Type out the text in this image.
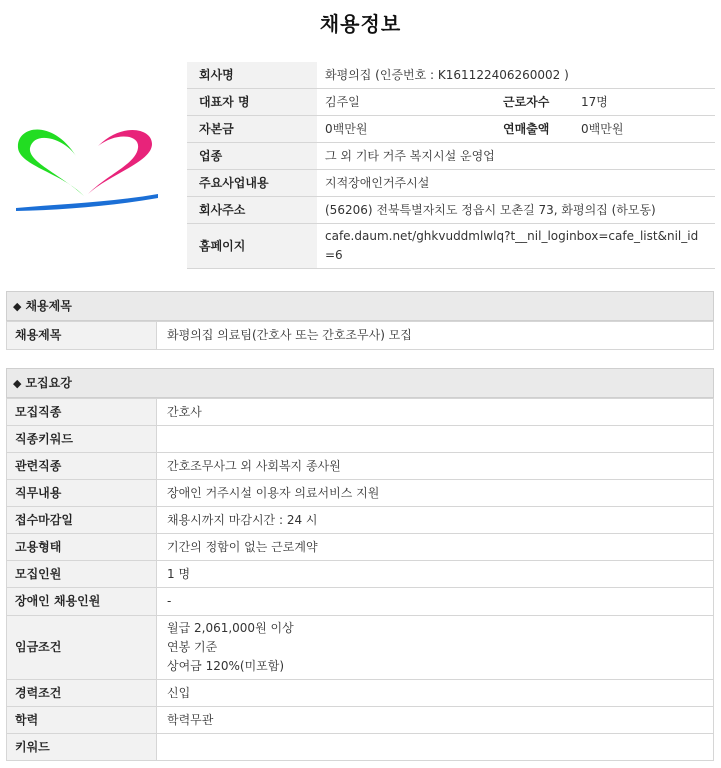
채용정보
회사명	화평의집 (인증번호 : K161122406260002 )		
대표자 명	김주일	근로자수	17명
자본금	0백만원	연매출액	0백만원
업종	그 외 기타 거주 복지시설 운영업		
주요사업내용	지적장애인거주시설		
회사주소	(56206) 전북특별자치도 정읍시 모촌길 73, 화평의집 (하모동)		
홈페이지	cafe.daum.net/ghkvuddmlwlq?t__nil_loginbox=cafe_list&nil_id=6		
◆ 채용제목
채용제목	화평의집 의료팀(간호사 또는 간호조무사) 모집
◆ 모집요강
모집직종	간호사
직종키워드	
관련직종	간호조무사그 외 사회복지 종사원
직무내용	장애인 거주시설 이용자 의료서비스 지원
접수마감일	채용시까지 마감시간 : 24 시
고용형태	기간의 정함이 없는 근로계약
모집인원	1 명
장애인 채용인원	-
임금조건	월급 2,061,000원 이상
연봉 기준
상여금 120%(미포함)

경력조건	신입
학력	학력무관
키워드	
